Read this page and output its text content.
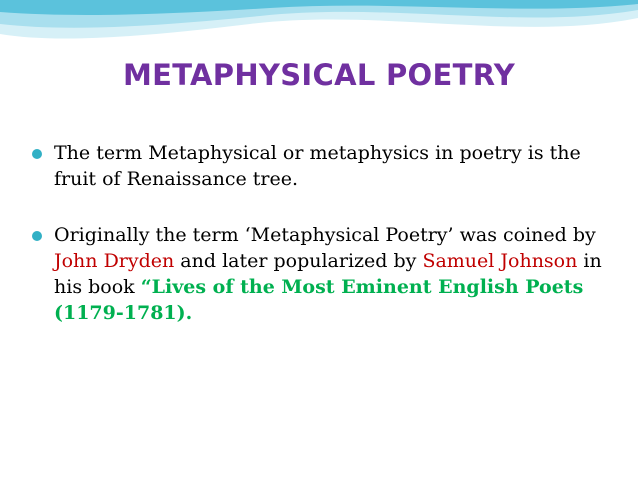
METAPHYSICAL POETRY
The term Metaphysical or metaphysics in poetry is the fruit of Renaissance tree.
Originally the term ‘Metaphysical Poetry’ was coined by John Dryden and later popularized by Samuel Johnson in his book “Lives of the Most Eminent English Poets (1179-1781).
